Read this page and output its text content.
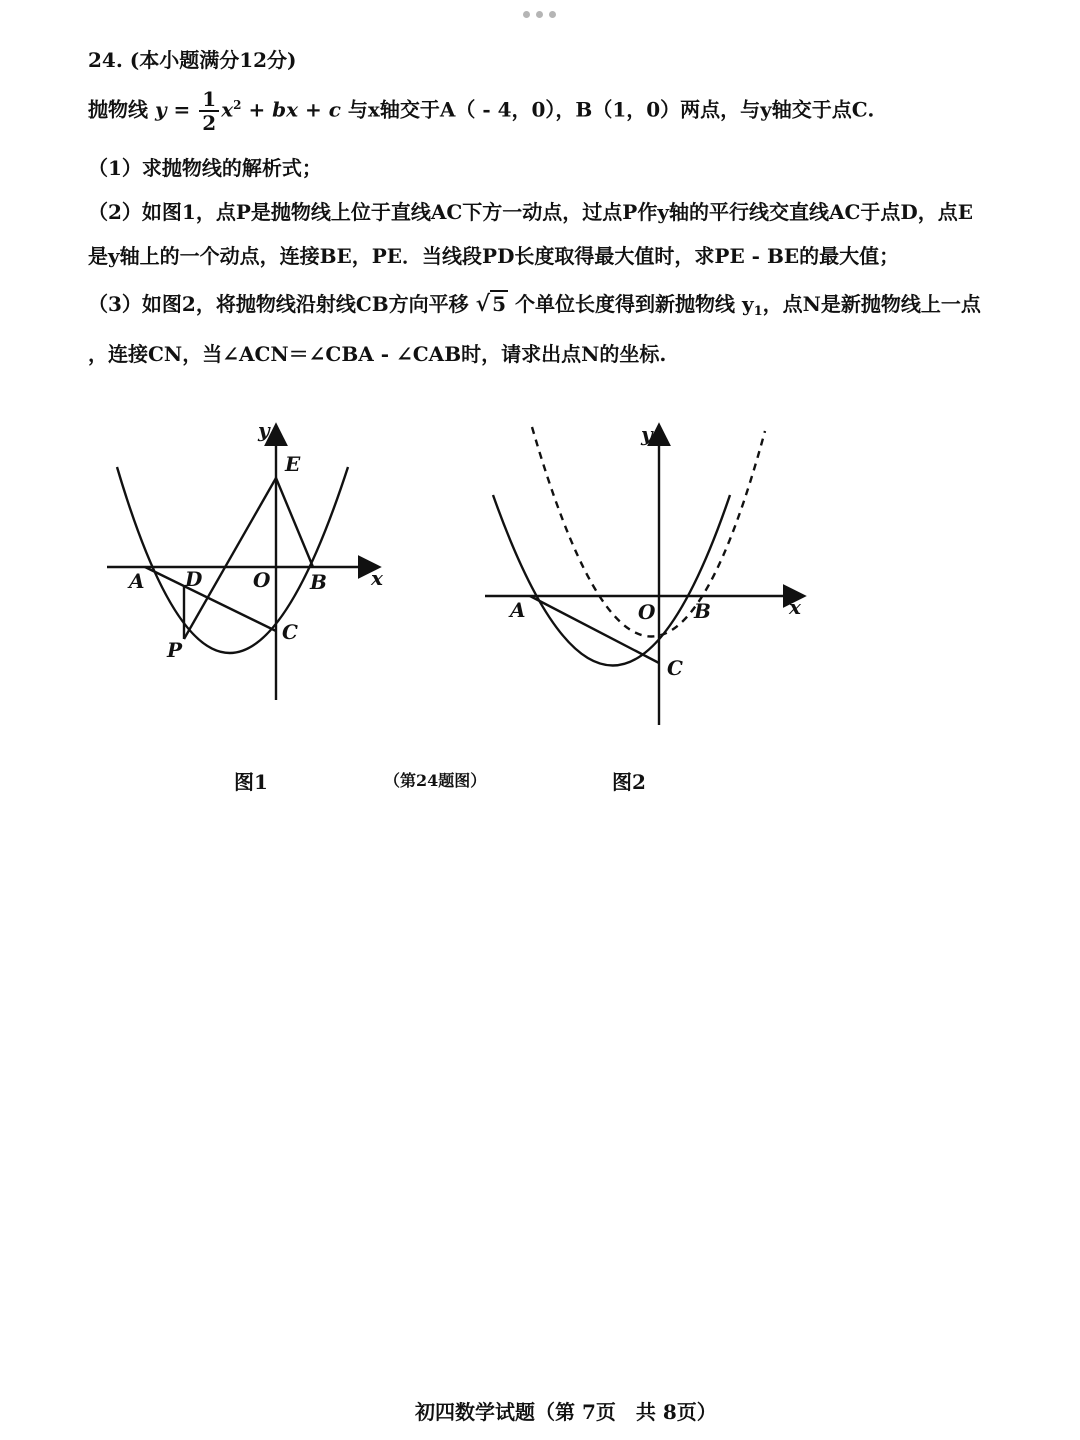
24. (本小题满分12分)
抛物线 $y = \frac{1}{2} x^2$ + bx + c 与x轴交于A（ - 4，0），B（1，0）两点，与y轴交于点C.
（1）求抛物线的解析式；
（2）如图1，点P是抛物线上位于直线AC下方一动点，过点P作y轴的平行线交直线AC于点D，点E
是y轴上的一个动点，连接BE，PE．当线段PD长度取得最大值时，求PE - BE的最大值；
（3）如图2，将抛物线沿射线CB方向平移 √ 5 个单位长度得到新抛物线 $y_1$，点N是新抛物线上一点
，连接CN，当∠ACN＝∠CBA - ∠CAB时，请求出点N的坐标.
y
x
E
A D	O B
C
P
y
x
A	O B
C
图1	（第24题图）	图2
初四数学试题（第 7页　共 8页）
